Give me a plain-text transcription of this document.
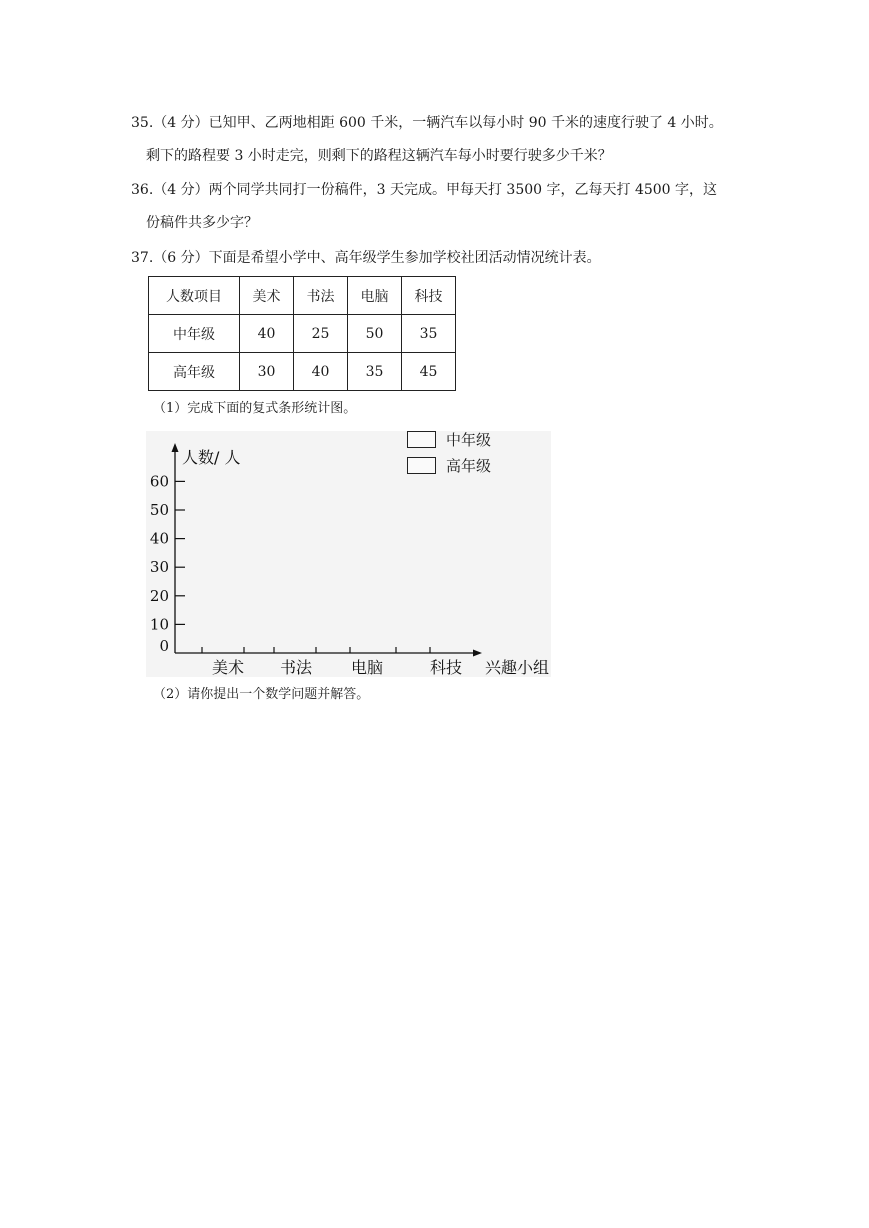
35.（4 分）已知甲、乙两地相距 600 千米，一辆汽车以每小时 90 千米的速度行驶了 4 小时。
剩下的路程要 3 小时走完，则剩下的路程这辆汽车每小时要行驶多少千米？
36.（4 分）两个同学共同打一份稿件，3 天完成。甲每天打 3500 字，乙每天打 4500 字，这
份稿件共多少字？
37.（6 分）下面是希望小学中、高年级学生参加学校社团活动情况统计表。
人数项目	美术	书法	电脑	科技
中年级	40	25	50	35
高年级	30	40	35	45
（1）完成下面的复式条形统计图。
人数/ 人
0
10
20
30
40
50
60
美术 书法 电脑	科技 兴趣小组
中年级
高年级
（2）请你提出一个数学问题并解答。
